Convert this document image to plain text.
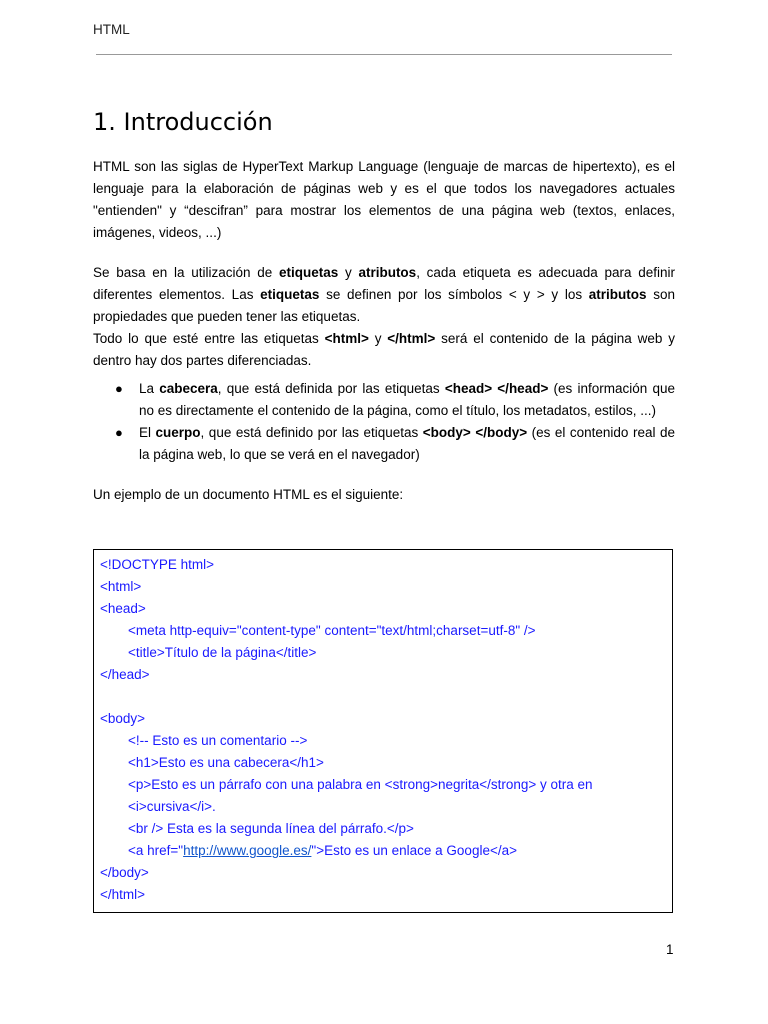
HTML
1. Introducción

HTML son las siglas de HyperText Markup Language (lenguaje de marcas de hipertexto), es el lenguaje para la elaboración de páginas web y es el que todos los navegadores actuales "entienden" y “descifran” para mostrar los elementos de una página web (textos, enlaces, imágenes, videos, ...)

Se basa en la utilización de etiquetas y atributos, cada etiqueta es adecuada para definir diferentes elementos. Las etiquetas se definen por los símbolos < y > y los atributos son propiedades que pueden tener las etiquetas.

Todo lo que esté entre las etiquetas <html> y </html> será el contenido de la página web y dentro hay dos partes diferenciadas.

● La cabecera, que está definida por las etiquetas <head> </head> (es información que no es directamente el contenido de la página, como el título, los metadatos, estilos, ...)
● El cuerpo, que está definido por las etiquetas <body> </body> (es el contenido real de la página web, lo que se verá en el navegador)

Un ejemplo de un documento HTML es el siguiente:

<!DOCTYPE html>
<html>
<head>
<meta http-equiv="content-type" content="text/html;charset=utf-8" />
<title>Título de la página</title>
</head>
<body>
<!-- Esto es un comentario -->
<h1>Esto es una cabecera</h1>
<p>Esto es un párrafo con una palabra en <strong>negrita</strong> y otra en
<i>cursiva</i>.
<br /> Esta es la segunda línea del párrafo.</p>
<a href="http://www.google.es/">Esto es un enlace a Google</a>
</body>
</html>
1
